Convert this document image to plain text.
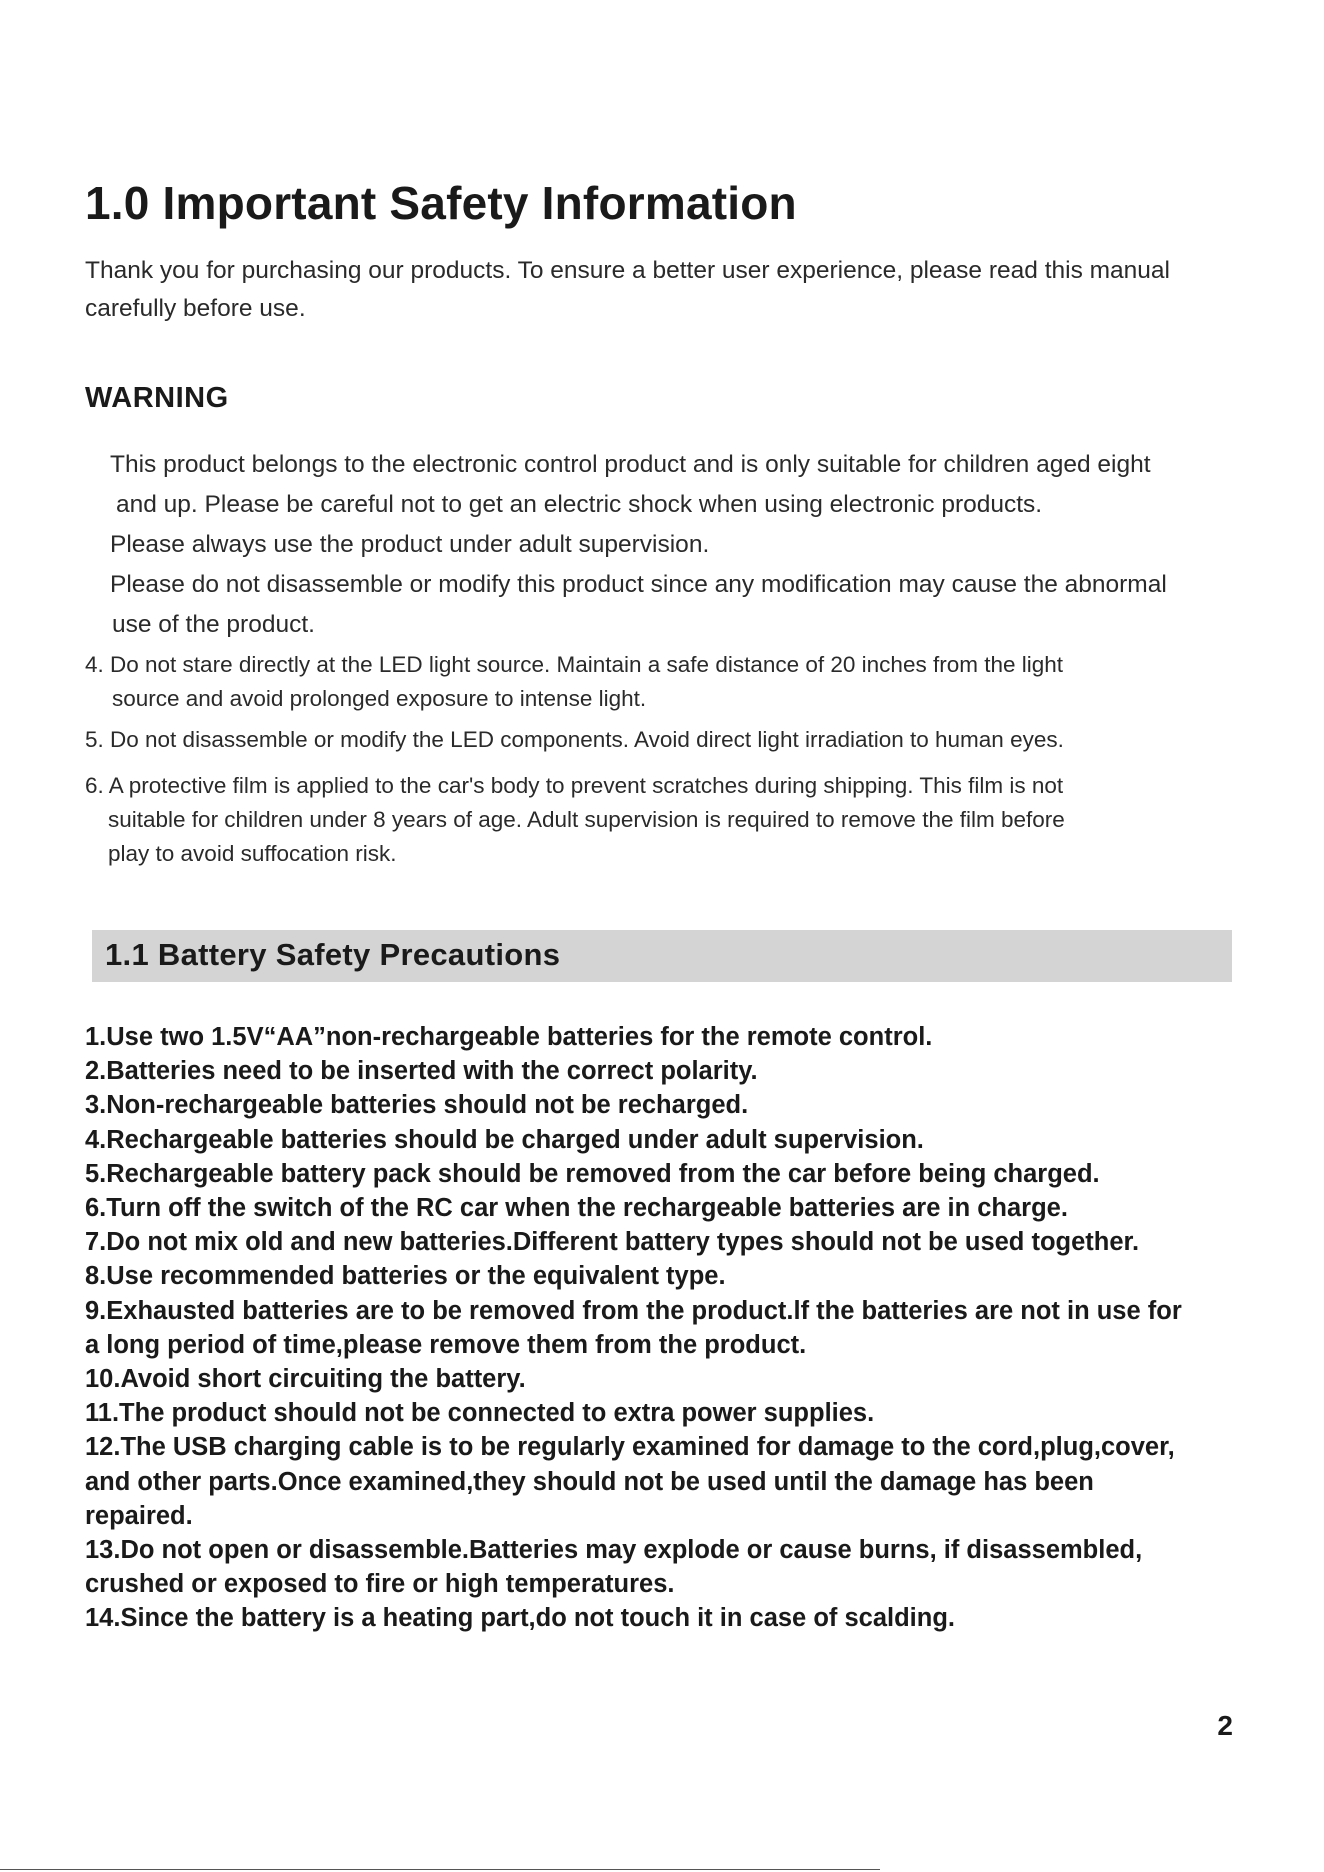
1.0 Important Safety Information

Thank you for purchasing our products. To ensure a better user experience, please read this manual carefully before use.

WARNING

This product belongs to the electronic control product and is only suitable for children aged eight

and up. Please be careful not to get an electric shock when using electronic products.

Please always use the product under adult supervision.

Please do not disassemble or modify this product since any modification may cause the abnormal

use of the product.

4. Do not stare directly at the LED light source. Maintain a safe distance of 20 inches from the light

source and avoid prolonged exposure to intense light.

5. Do not disassemble or modify the LED components. Avoid direct light irradiation to human eyes.

6. A protective film is applied to the car's body to prevent scratches during shipping. This film is not

suitable for children under 8 years of age. Adult supervision is required to remove the film before

play to avoid suffocation risk.

1.1 Battery Safety Precautions
1.Use two 1.5V“AA”non-rechargeable batteries for the remote control.
2.Batteries need to be inserted with the correct polarity.
3.Non-rechargeable batteries should not be recharged.
4.Rechargeable batteries should be charged under adult supervision.
5.Rechargeable battery pack should be removed from the car before being charged.
6.Turn off the switch of the RC car when the rechargeable batteries are in charge.
7.Do not mix old and new batteries.Different battery types should not be used together.
8.Use recommended batteries or the equivalent type.
9.Exhausted batteries are to be removed from the product.lf the batteries are not in use for
a long period of time,please remove them from the product.
10.Avoid short circuiting the battery.
11.The product should not be connected to extra power supplies.
12.The USB charging cable is to be regularly examined for damage to the cord,plug,cover,
and other parts.Once examined,they should not be used until the damage has been
repaired.
13.Do not open or disassemble.Batteries may explode or cause burns, if disassembled,
crushed or exposed to fire or high temperatures.
14.Since the battery is a heating part,do not touch it in case of scalding.

2
